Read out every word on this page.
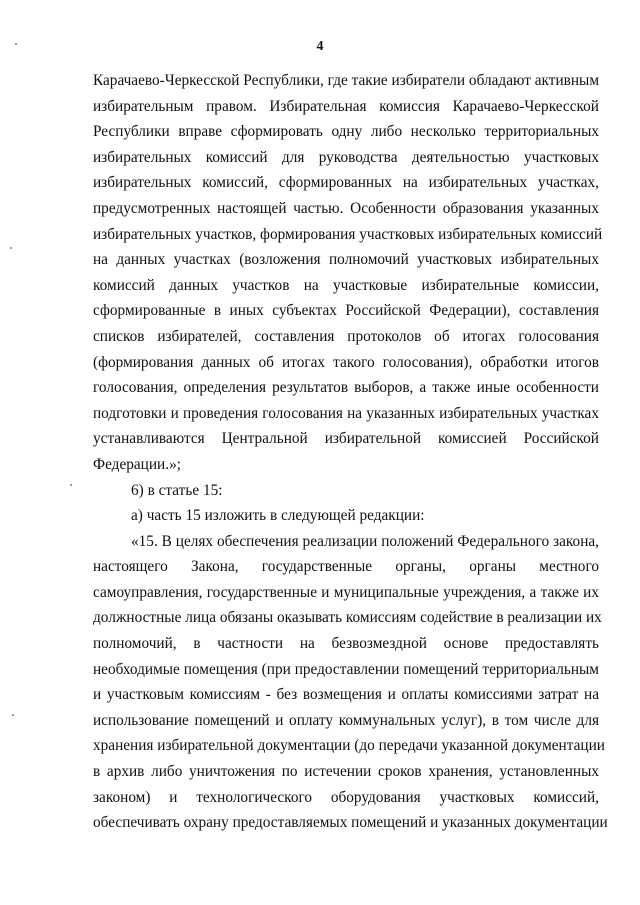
4
Карачаево-Черкесской Республики, где такие избиратели обладают активным
избирательным правом. Избирательная комиссия Карачаево-Черкесской
Республики вправе сформировать одну либо несколько территориальных
избирательных комиссий для руководства деятельностью участковых
избирательных комиссий, сформированных на избирательных участках,
предусмотренных настоящей частью. Особенности образования указанных
избирательных участков, формирования участковых избирательных комиссий
на данных участках (возложения полномочий участковых избирательных
комиссий данных участков на участковые избирательные комиссии,
сформированные в иных субъектах Российской Федерации), составления
списков избирателей, составления протоколов об итогах голосования
(формирования данных об итогах такого голосования), обработки итогов
голосования, определения результатов выборов, а также иные особенности
подготовки и проведения голосования на указанных избирательных участках
устанавливаются Центральной избирательной комиссией Российской
Федерации.»;
6) в статье 15:
а) часть 15 изложить в следующей редакции:
«15. В целях обеспечения реализации положений Федерального закона,
настоящего Закона, государственные органы, органы местного
самоуправления, государственные и муниципальные учреждения, а также их
должностные лица обязаны оказывать комиссиям содействие в реализации их
полномочий, в частности на безвозмездной основе предоставлять
необходимые помещения (при предоставлении помещений территориальным
и участковым комиссиям - без возмещения и оплаты комиссиями затрат на
использование помещений и оплату коммунальных услуг), в том числе для
хранения избирательной документации (до передачи указанной документации
в архив либо уничтожения по истечении сроков хранения, установленных
законом) и технологического оборудования участковых комиссий,
обеспечивать охрану предоставляемых помещений и указанных документации
